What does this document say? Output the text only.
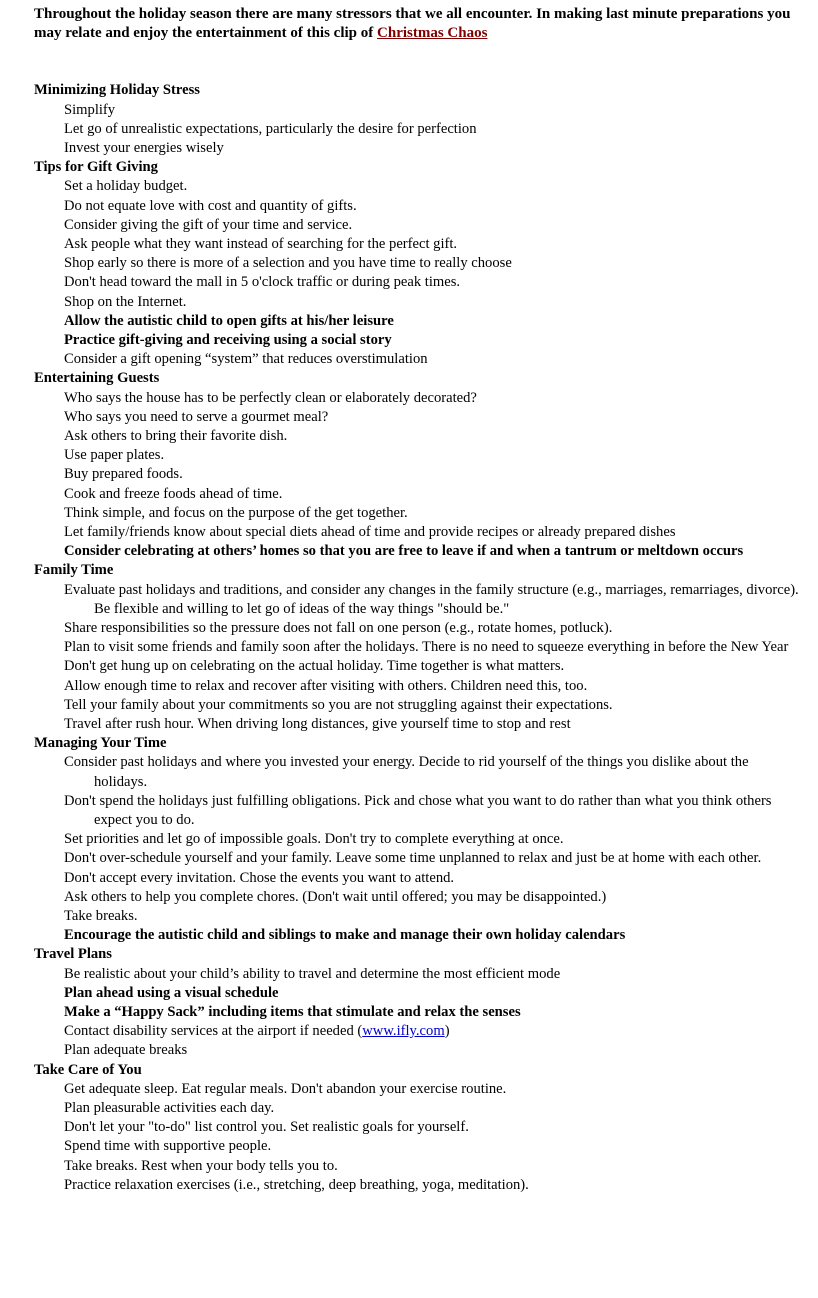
Throughout the holiday season there are many stressors that we all encounter. In making last minute preparations you may relate and enjoy the entertainment of this clip of Christmas Chaos

Minimizing Holiday Stress
Simplify
Let go of unrealistic expectations, particularly the desire for perfection
Invest your energies wisely
Tips for Gift Giving
Set a holiday budget.
Do not equate love with cost and quantity of gifts.
Consider giving the gift of your time and service.
Ask people what they want instead of searching for the perfect gift.
Shop early so there is more of a selection and you have time to really choose
Don't head toward the mall in 5 o'clock traffic or during peak times.
Shop on the Internet.
Allow the autistic child to open gifts at his/her leisure
Practice gift-giving and receiving using a social story
Consider a gift opening “system” that reduces overstimulation
Entertaining Guests
Who says the house has to be perfectly clean or elaborately decorated?
Who says you need to serve a gourmet meal?
Ask others to bring their favorite dish.
Use paper plates.
Buy prepared foods.
Cook and freeze foods ahead of time.
Think simple, and focus on the purpose of the get together.
Let family/friends know about special diets ahead of time and provide recipes or already prepared dishes
Consider celebrating at others’ homes so that you are free to leave if and when a tantrum or meltdown occurs
Family Time
Evaluate past holidays and traditions, and consider any changes in the family structure (e.g., marriages, remarriages, divorce). Be flexible and willing to let go of ideas of the way things "should be."
Share responsibilities so the pressure does not fall on one person (e.g., rotate homes, potluck).
Plan to visit some friends and family soon after the holidays. There is no need to squeeze everything in before the New Year
Don't get hung up on celebrating on the actual holiday. Time together is what matters.
Allow enough time to relax and recover after visiting with others. Children need this, too.
Tell your family about your commitments so you are not struggling against their expectations.
Travel after rush hour. When driving long distances, give yourself time to stop and rest
Managing Your Time
Consider past holidays and where you invested your energy. Decide to rid yourself of the things you dislike about the holidays.
Don't spend the holidays just fulfilling obligations. Pick and chose what you want to do rather than what you think others expect you to do.
Set priorities and let go of impossible goals. Don't try to complete everything at once.
Don't over-schedule yourself and your family. Leave some time unplanned to relax and just be at home with each other.
Don't accept every invitation. Chose the events you want to attend.
Ask others to help you complete chores. (Don't wait until offered; you may be disappointed.)
Take breaks.
Encourage the autistic child and siblings to make and manage their own holiday calendars
Travel Plans
Be realistic about your child’s ability to travel and determine the most efficient mode
Plan ahead using a visual schedule
Make a “Happy Sack” including items that stimulate and relax the senses
Contact disability services at the airport if needed (www.ifly.com)
Plan adequate breaks
Take Care of You
Get adequate sleep. Eat regular meals. Don't abandon your exercise routine.
Plan pleasurable activities each day.
Don't let your "to-do" list control you. Set realistic goals for yourself.
Spend time with supportive people.
Take breaks. Rest when your body tells you to.
Practice relaxation exercises (i.e., stretching, deep breathing, yoga, meditation).
